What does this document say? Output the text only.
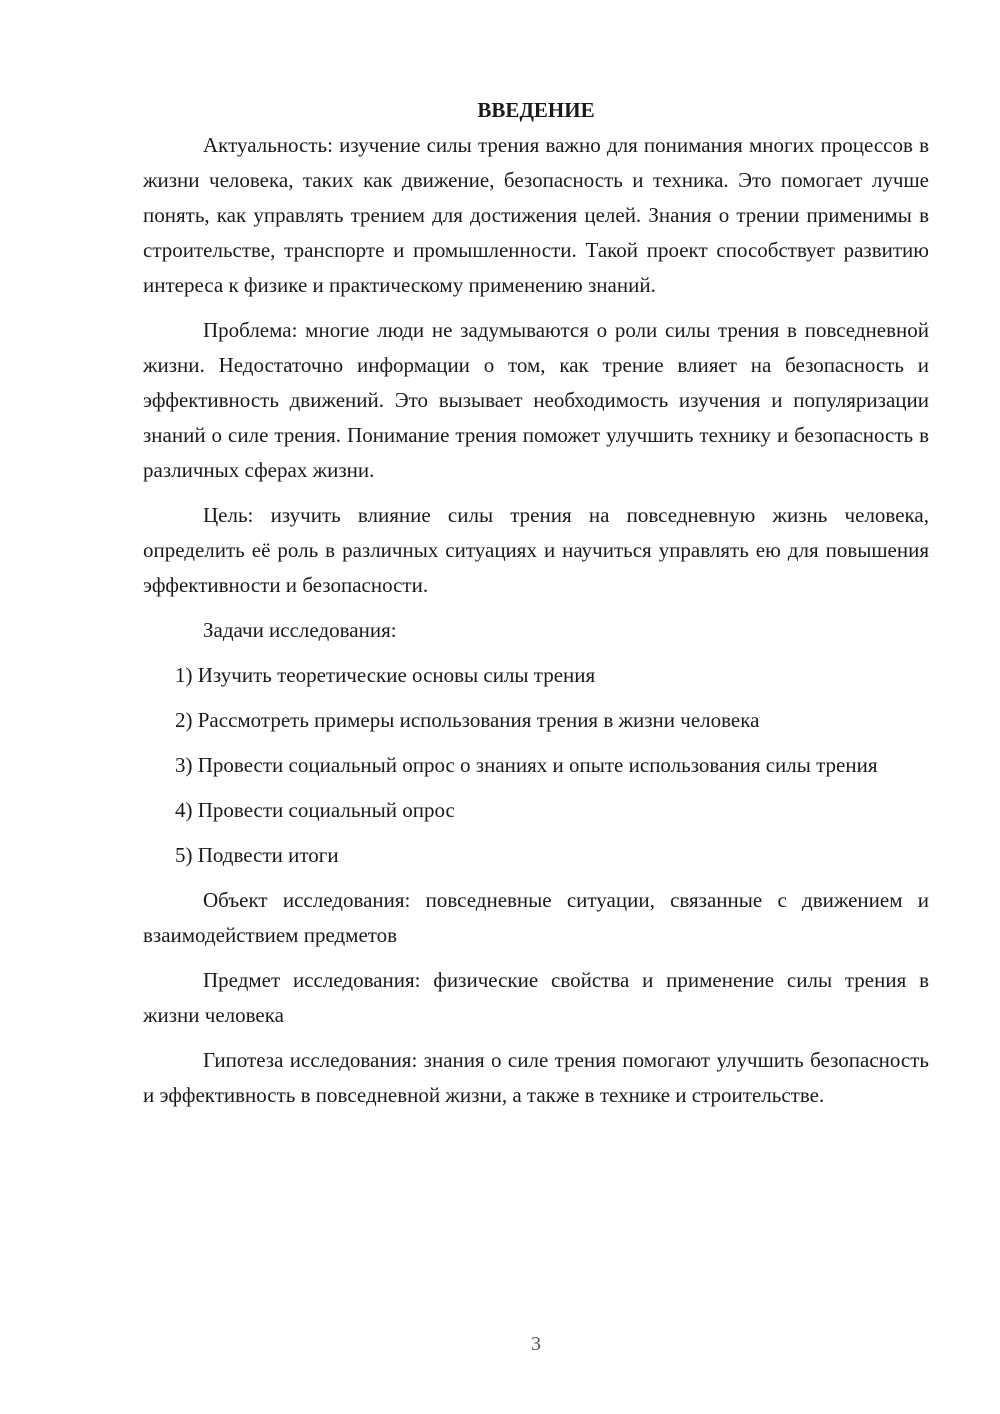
ВВЕДЕНИЕ

Актуальность: изучение силы трения важно для понимания многих процессов в жизни человека, таких как движение, безопасность и техника. Это помогает лучше понять, как управлять трением для достижения целей. Знания о трении применимы в строительстве, транспорте и промышленности. Такой проект способствует развитию интереса к физике и практическому применению знаний.

Проблема: многие люди не задумываются о роли силы трения в повседневной жизни. Недостаточно информации о том, как трение влияет на безопасность и эффективность движений. Это вызывает необходимость изучения и популяризации знаний о силе трения. Понимание трения поможет улучшить технику и безопасность в различных сферах жизни.

Цель: изучить влияние силы трения на повседневную жизнь человека, определить её роль в различных ситуациях и научиться управлять ею для повышения эффективности и безопасности.

Задачи исследования:

1) Изучить теоретические основы силы трения

2) Рассмотреть примеры использования трения в жизни человека

3) Провести социальный опрос о знаниях и опыте использования силы трения

4) Провести социальный опрос

5) Подвести итоги

Объект исследования: повседневные ситуации, связанные с движением и взаимодействием предметов

Предмет исследования: физические свойства и применение силы трения в жизни человека

Гипотеза исследования: знания о силе трения помогают улучшить безопасность и эффективность в повседневной жизни, а также в технике и строительстве.

3
